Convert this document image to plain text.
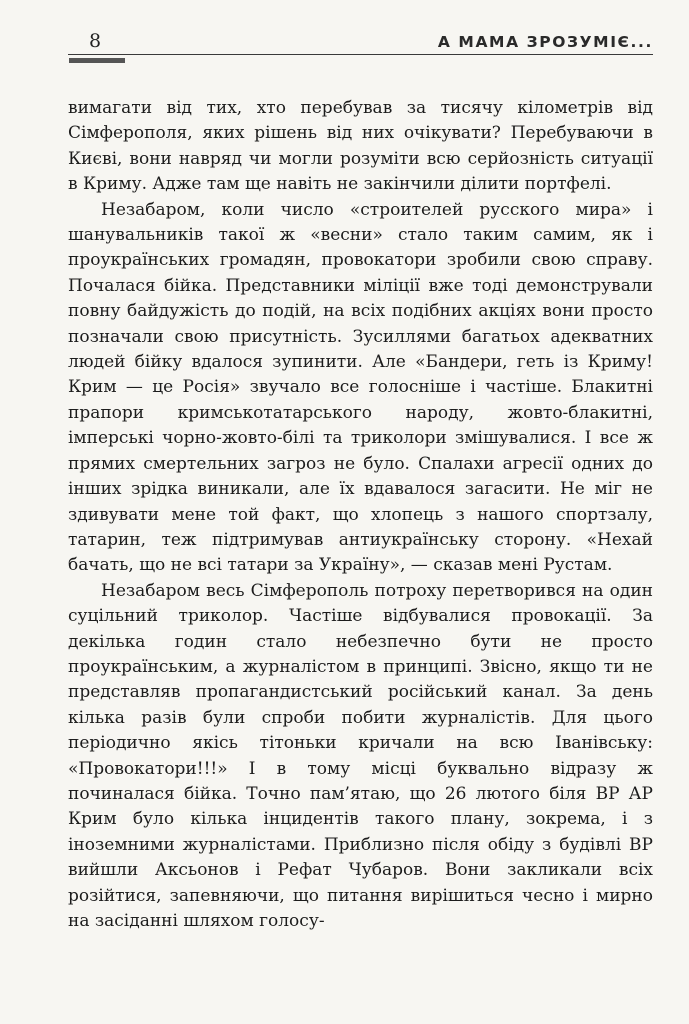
8	А МАМА ЗРОЗУМІЄ...

вимагати від тих, хто перебував за тисячу кілометрів від Сімферополя, яких рішень від них очікувати? Перебуваючи в Києві, вони навряд чи могли розуміти всю серйозність ситуації в Криму. Адже там ще навіть не закінчили ділити портфелі.

Незабаром, коли число «строителей русского мира» і шанувальників такої ж «весни» стало таким самим, як і проукраїнських громадян, провокатори зробили свою справу. Почалася бійка. Представники міліції вже тоді демонстрували повну байдужість до подій, на всіх подібних акціях вони просто позначали свою присутність. Зусиллями багатьох адекватних людей бійку вдалося зупинити. Але «Бандери, геть із Криму! Крим — це Росія» звучало все голосніше і частіше. Блакитні прапори кримськотатарського народу, жовто-блакитні, імперські чорно-жовто-білі та триколори змішувалися. І все ж прямих смертельних загроз не було. Спалахи агресії одних до інших зрідка виникали, але їх вдавалося загасити. Не міг не здивувати мене той факт, що хлопець з нашого спортзалу, татарин, теж підтримував антиукраїнську сторону. «Нехай бачать, що не всі татари за Україну», — сказав мені Рустам.

Незабаром весь Сімферополь потроху перетворився на один суцільний триколор. Частіше відбувалися провокації. За декілька годин стало небезпечно бути не просто проукраїнським, а журналістом в принципі. Звісно, якщо ти не представляв пропагандистський російський канал. За день кілька разів були спроби побити журналістів. Для цього періодично якісь тітоньки кричали на всю Іванівську: «Провокатори!!!» І в тому місці буквально відразу ж починалася бійка. Точно пам’ятаю, що 26 лютого біля ВР АР Крим було кілька інцидентів такого плану, зокрема, і з іноземними журналістами. Приблизно після обіду з будівлі ВР вийшли Аксьонов і Рефат Чубаров. Вони закликали всіх розійтися, запевняючи, що питання вирішиться чесно і мирно на засіданні шляхом голосу-
